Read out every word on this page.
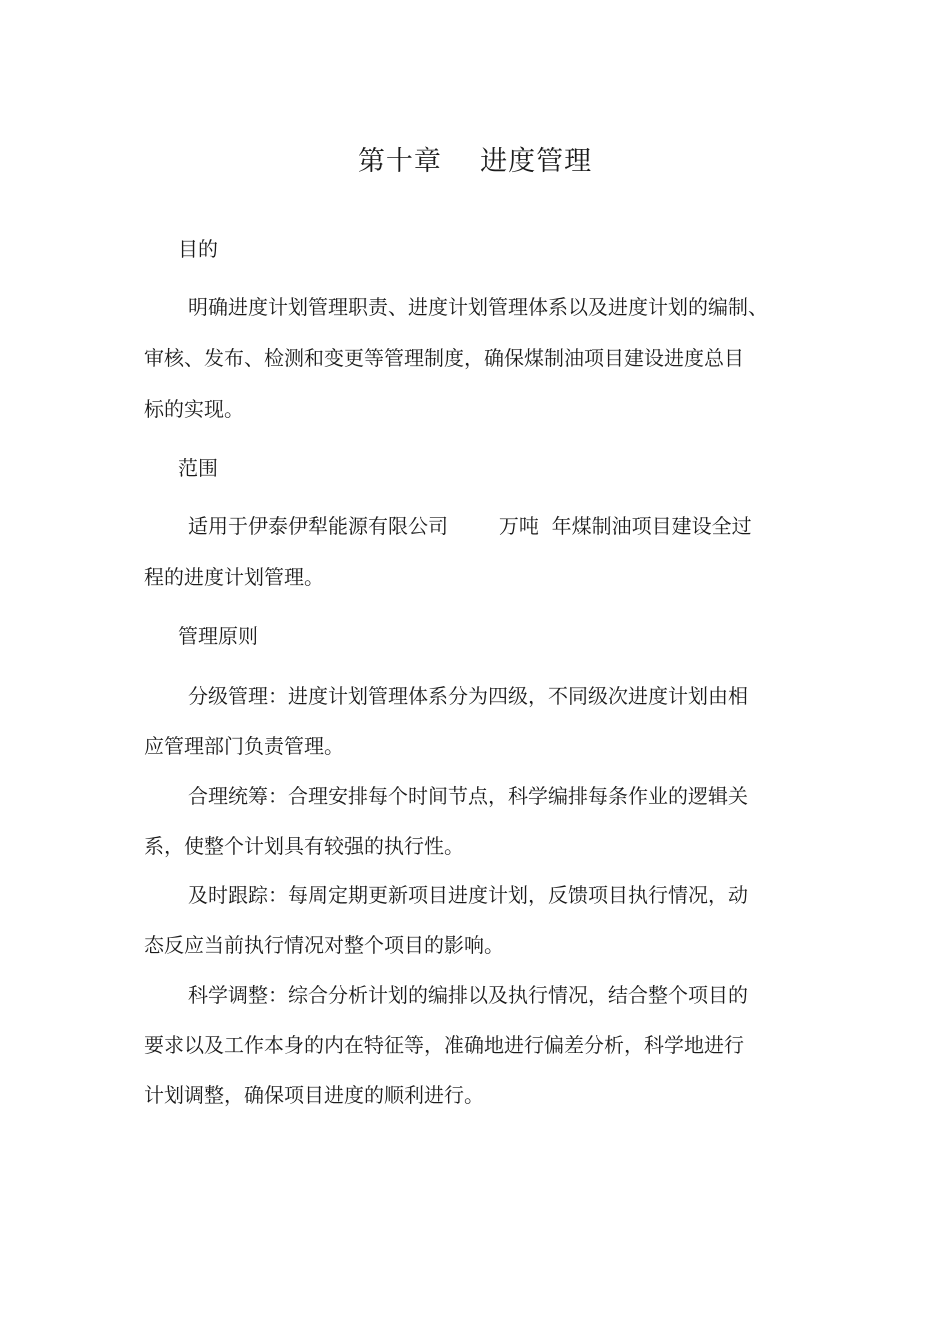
第十章    进度管理
目的
明确进度计划管理职责、进度计划管理体系以及进度计划的编制、
审核、发布、检测和变更等管理制度，确保煤制油项目建设进度总目
标的实现。
范围
适用于伊泰伊犁能源有限公司        万吨  年煤制油项目建设全过
程的进度计划管理。
管理原则
分级管理：进度计划管理体系分为四级，不同级次进度计划由相
应管理部门负责管理。
合理统筹：合理安排每个时间节点，科学编排每条作业的逻辑关
系，使整个计划具有较强的执行性。
及时跟踪：每周定期更新项目进度计划，反馈项目执行情况，动
态反应当前执行情况对整个项目的影响。
科学调整：综合分析计划的编排以及执行情况，结合整个项目的
要求以及工作本身的内在特征等，准确地进行偏差分析，科学地进行
计划调整，确保项目进度的顺利进行。
